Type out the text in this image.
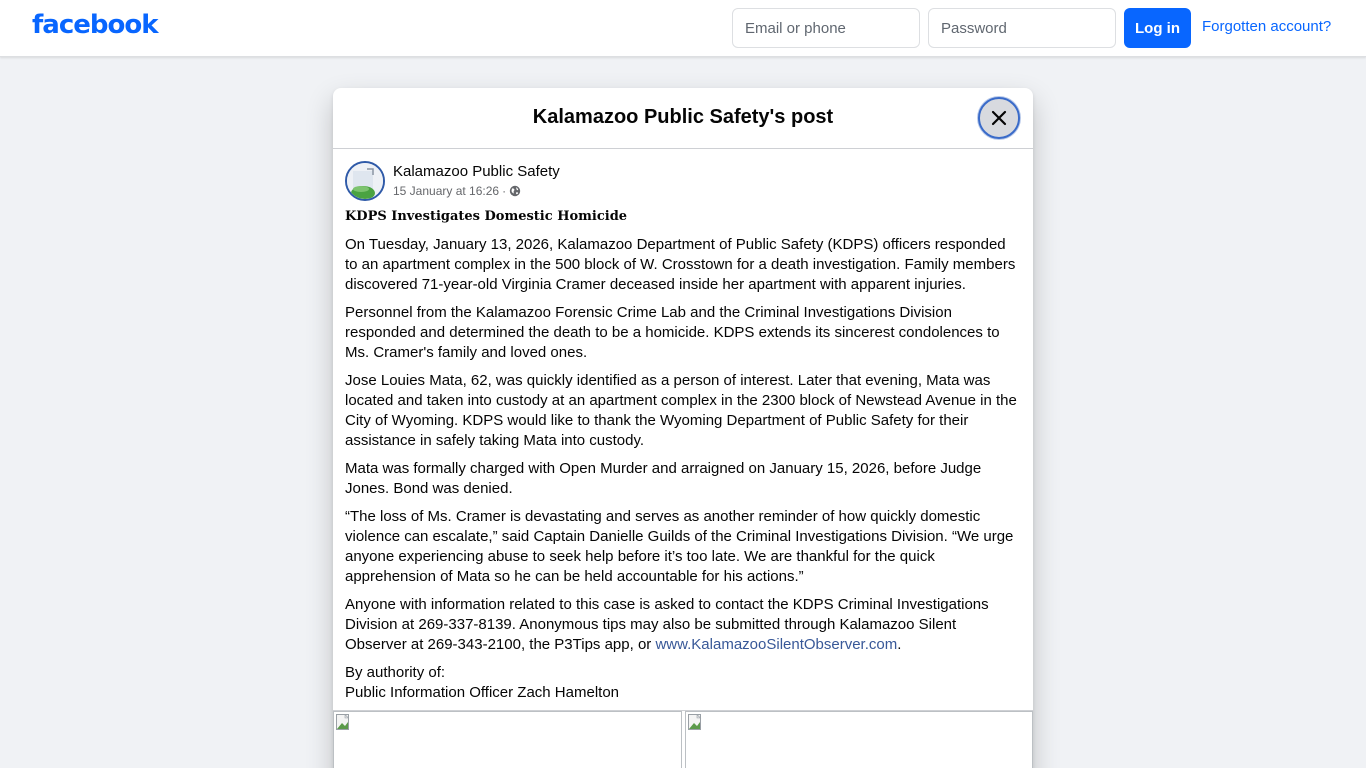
facebook
Email or phone	Log in	Forgotten account?
Kalamazoo Public Safety's post
Kalamazoo Public Safety
15 January at 16:26 ·
KDPS Investigates Domestic Homicide

On Tuesday, January 13, 2026, Kalamazoo Department of Public Safety (KDPS) officers responded to an apartment complex in the 500 block of W. Crosstown for a death investigation. Family members discovered 71-year-old Virginia Cramer deceased inside her apartment with apparent injuries.

Personnel from the Kalamazoo Forensic Crime Lab and the Criminal Investigations Division responded and determined the death to be a homicide. KDPS extends its sincerest condolences to Ms. Cramer's family and loved ones.

Jose Louies Mata, 62, was quickly identified as a person of interest. Later that evening, Mata was located and taken into custody at an apartment complex in the 2300 block of Newstead Avenue in the City of Wyoming. KDPS would like to thank the Wyoming Department of Public Safety for their assistance in safely taking Mata into custody.

Mata was formally charged with Open Murder and arraigned on January 15, 2026, before Judge Jones. Bond was denied.

“The loss of Ms. Cramer is devastating and serves as another reminder of how quickly domestic violence can escalate,” said Captain Danielle Guilds of the Criminal Investigations Division. “We urge anyone experiencing abuse to seek help before it’s too late. We are thankful for the quick apprehension of Mata so he can be held accountable for his actions.”

Anyone with information related to this case is asked to contact the KDPS Criminal Investigations Division at 269-337-8139. Anonymous tips may also be submitted through Kalamazoo Silent Observer at 269-343-2100, the P3Tips app, or www.KalamazooSilentObserver.com.

By authority of:
Public Information Officer Zach Hamelton
